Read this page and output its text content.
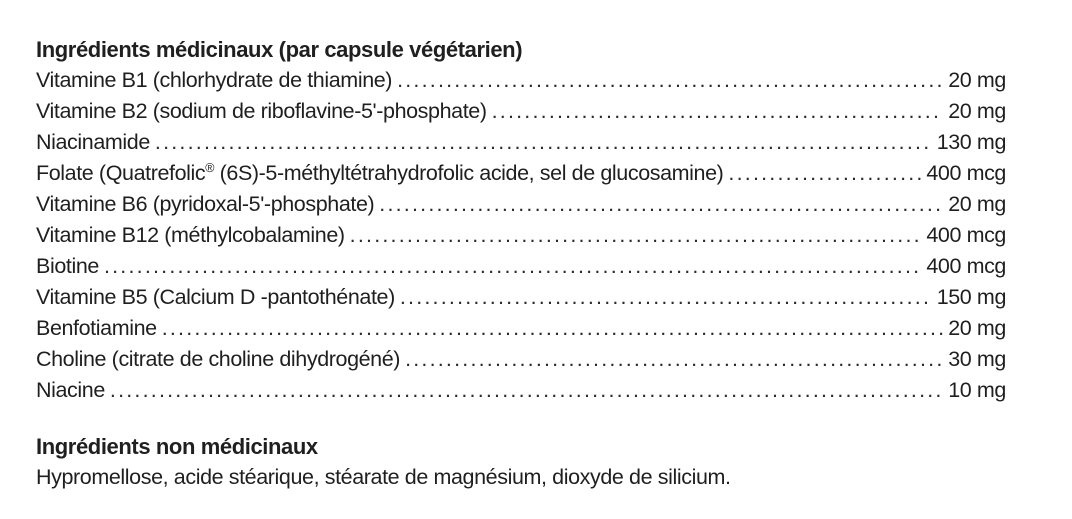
Ingrédients médicinaux (par capsule végétarien)
Vitamine B1 (chlorhydrate de thiamine) .....	20 mg
Vitamine B2 (sodium de riboflavine-5'-phosphate) .....	20 mg
Niacinamide .....	130 mg
Folate (Quatrefolic® (6S)-5-méthyltétrahydrofolic acide, sel de glucosamine) .....	400 mcg
Vitamine B6 (pyridoxal-5'-phosphate) .....	20 mg
Vitamine B12 (méthylcobalamine) .....	400 mcg
Biotine .....	400 mcg
Vitamine B5 (Calcium D -pantothénate) .....	150 mg
Benfotiamine .....	20 mg
Choline (citrate de choline dihydrogéné) .....	30 mg
Niacine .....	10 mg
Ingrédients non médicinaux
Hypromellose, acide stéarique, stéarate de magnésium, dioxyde de silicium.
